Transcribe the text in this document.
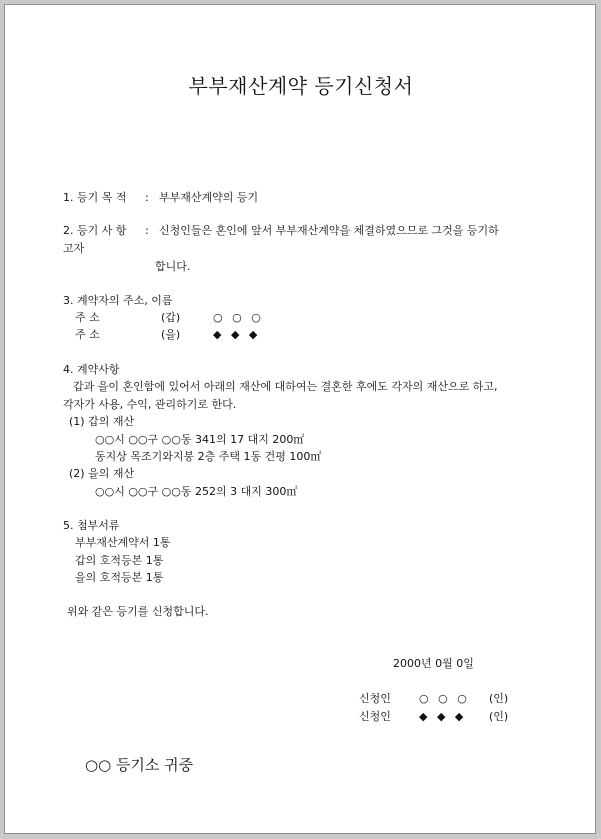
부부재산계약 등기신청서
1. 등기 목 적 : 부부재산계약의 등기
2. 등기 사 항 : 신청인들은 혼인에 앞서 부부재산계약을 체결하였으므로 그것을 등기하
고자
합니다.
3. 계약자의 주소, 이름
주 소	(갑)	○ ○ ○
주 소	(을)	◆ ◆ ◆
4. 계약사항
갑과 을이 혼인함에 있어서 아래의 재산에 대하여는 결혼한 후에도 각자의 재산으로 하고,
각자가 사용, 수익, 관리하기로 한다.
(1) 갑의 재산
○○시 ○○구 ○○동 341의 17 대지 200㎡
동지상 목조기와지붕 2층 주택 1동 건평 100㎡
(2) 을의 재산
○○시 ○○구 ○○동 252의 3 대지 300㎡
5. 첨부서류
부부재산계약서 1통
갑의 호적등본 1통
을의 호적등본 1통
위와 같은 등기를 신청합니다.
2000년 0월 0일
신청인	○ ○ ○ (인)
신청인	◆ ◆ ◆ (인)
○○ 등기소 귀중
